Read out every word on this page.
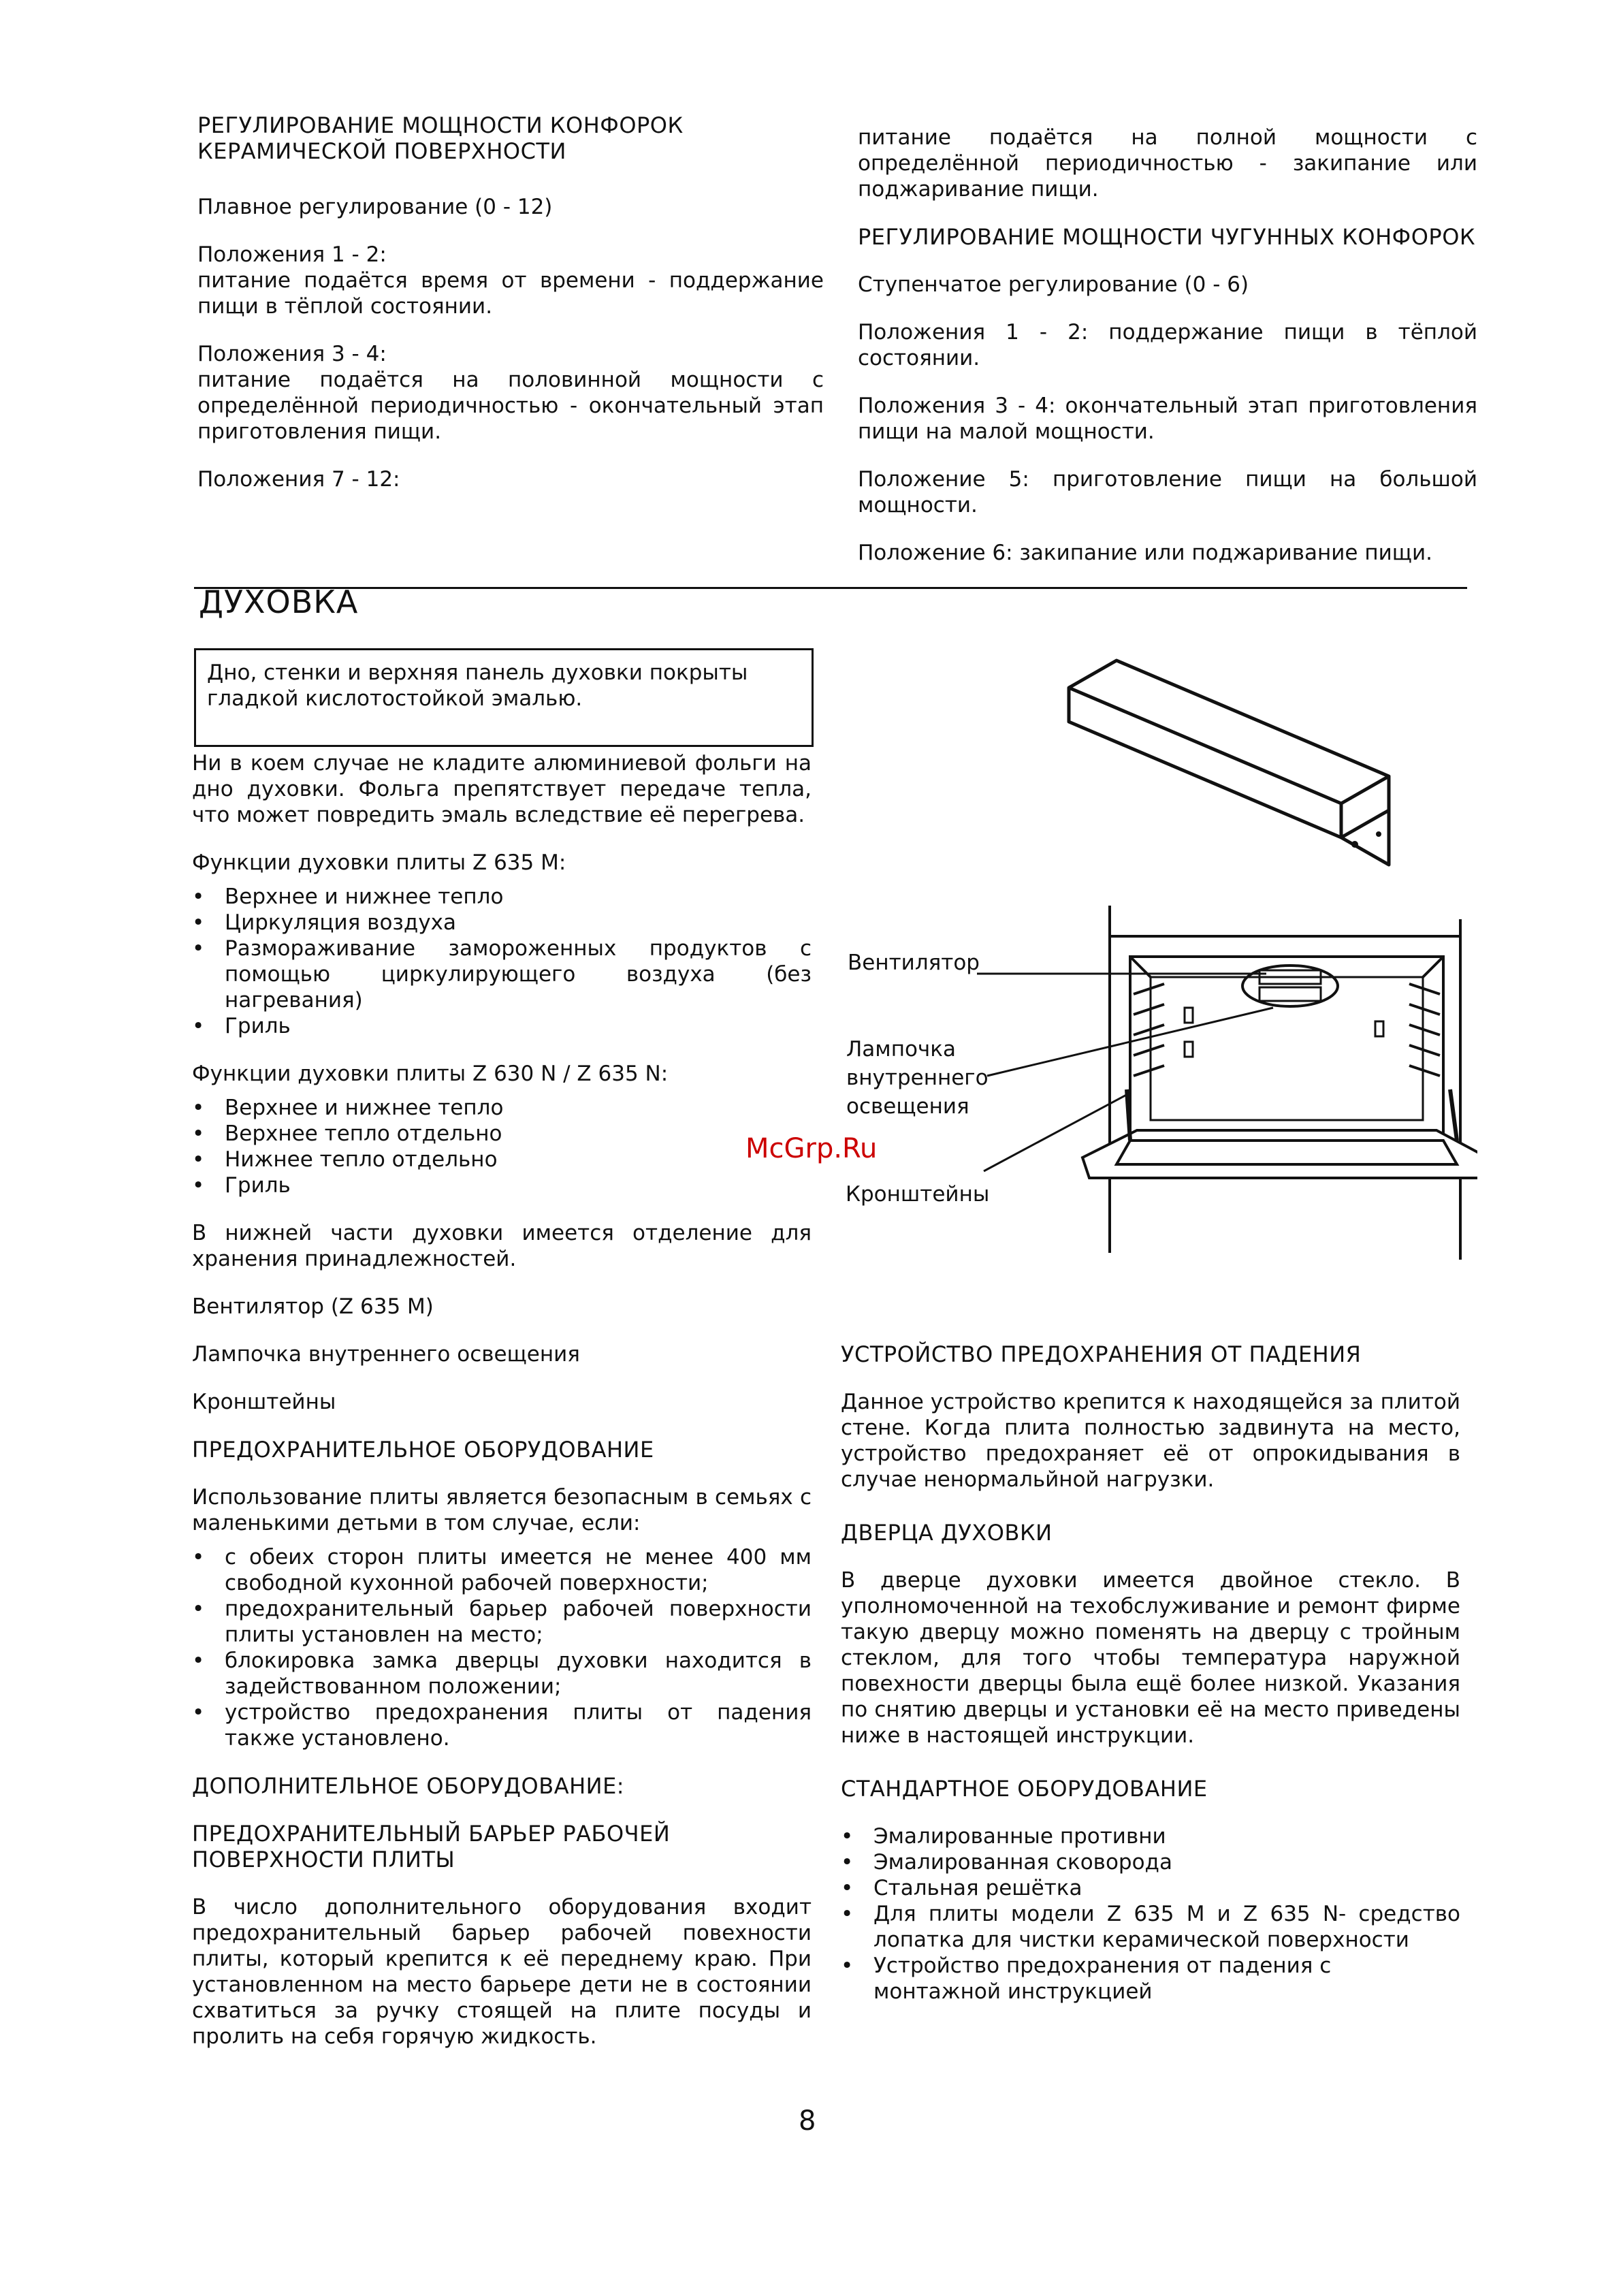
РЕГУЛИРОВАНИЕ МОЩНОСТИ КОНФОРОК

КЕРАМИЧЕСКОЙ ПОВЕРХНОСТИ

Плавное регулирование (0 - 12)

Положения 1 - 2:

питание подаётся время от времени - поддержание пищи в тёплой состоянии.

Положения 3 - 4:

питание подаётся на половинной мощности с определённой периодичностью - окончательный этап приготовления пищи.

Положения 7 - 12:

питание подаётся на полной мощности с определённой периодичностью - закипание или поджаривание пищи.

РЕГУЛИРОВАНИЕ МОЩНОСТИ ЧУГУННЫХ КОНФОРОК

Ступенчатое регулирование (0 - 6)

Положения 1 - 2: поддержание пищи в тёплой состоянии.

Положения 3 - 4: окончательный этап приготовления пищи на малой мощности.

Положение 5: приготовление пищи на большой мощности.

Положение 6: закипание или поджаривание пищи.

ДУХОВКА
Дно, стенки и верхняя панель духовки покрыты гладкой кислотостойкой эмалью.

Ни в коем случае не кладите алюминиевой фольги на дно духовки. Фольга препятствует передаче тепла, что может повредить эмаль вследствие её перегрева.

Функции духовки плиты Z 635 M:

• Верхнее и нижнее тепло
• Циркуляция воздуха
• Размораживание замороженных продуктов с помощью циркулирующего воздуха (без нагревания)
• Гриль

Функции духовки плиты Z 630 N / Z 635 N:

• Верхнее и нижнее тепло
• Верхнее тепло отдельно
• Нижнее тепло отдельно
• Гриль

В нижней части духовки имеется отделение для хранения принадлежностей.

Вентилятор (Z 635 M)

Лампочка внутреннего освещения

Кронштейны

ПРЕДОХРАНИТЕЛЬНОЕ ОБОРУДОВАНИЕ

Использование плиты является безопасным в семьях с маленькими детьми в том случае, если:

• с обеих сторон плиты имеется не менее 400 мм свободной кухонной рабочей поверхности;
• предохранительный барьер рабочей поверхности плиты установлен на место;
• блокировка замка дверцы духовки находится в задействованном положении;
• устройство предохранения плиты от падения также установлено.

ДОПОЛНИТЕЛЬНОЕ ОБОРУДОВАНИЕ:

ПРЕДОХРАНИТЕЛЬНЫЙ БАРЬЕР РАБОЧЕЙ ПОВЕРХНОСТИ ПЛИТЫ

В число дополнительного оборудования входит предохранительный барьер рабочей повехности плиты, который крепится к её переднему краю. При установленном на место барьере дети не в состоянии схватиться за ручку стоящей на плите посуды и пролить на себя горячую жидкость.

Вентилятор
Лампочка
внутреннего
освещения
Кронштейны
McGrp.Ru

УСТРОЙСТВО ПРЕДОХРАНЕНИЯ ОТ ПАДЕНИЯ

Данное устройство крепится к находящейся за плитой стене. Когда плита полностью задвинута на место, устройство предохраняет её от опрокидывания в случае ненормальйной нагрузки.

ДВЕРЦА ДУХОВКИ

В дверце духовки имеется двойное стекло. В уполномоченной на техобслуживание и ремонт фирме такую дверцу можно поменять на дверцу с тройным стеклом, для того чтобы температура наружной повехности дверцы была ещё более низкой. Указания по снятию дверцы и установки её на место приведены ниже в настоящей инструкции.

СТАНДАРТНОЕ ОБОРУДОВАНИЕ

• Эмалированные противни
• Эмалированная сковорода
• Стальная решётка
• Для плиты модели Z 635 M и Z 635 N- средство лопатка для чистки керамической поверхности
• Устройство предохранения от падения с монтажной инструкцией
8
